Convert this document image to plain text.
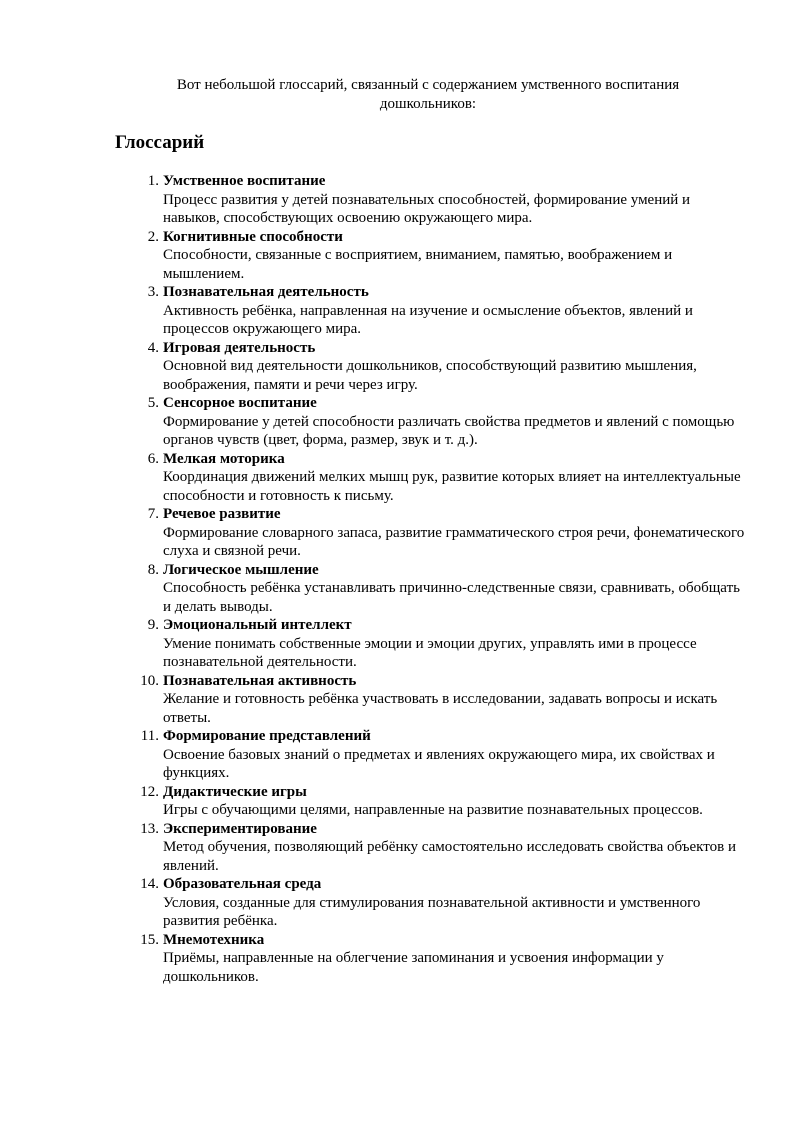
Вот небольшой глоссарий, связанный с содержанием умственного воспитания дошкольников:
Глоссарий
1. Умственное воспитание
Процесс развития у детей познавательных способностей, формирование умений и навыков, способствующих освоению окружающего мира.
2. Когнитивные способности
Способности, связанные с восприятием, вниманием, памятью, воображением и мышлением.
3. Познавательная деятельность
Активность ребёнка, направленная на изучение и осмысление объектов, явлений и процессов окружающего мира.
4. Игровая деятельность
Основной вид деятельности дошкольников, способствующий развитию мышления, воображения, памяти и речи через игру.
5. Сенсорное воспитание
Формирование у детей способности различать свойства предметов и явлений с помощью органов чувств (цвет, форма, размер, звук и т. д.).
6. Мелкая моторика
Координация движений мелких мышц рук, развитие которых влияет на интеллектуальные способности и готовность к письму.
7. Речевое развитие
Формирование словарного запаса, развитие грамматического строя речи, фонематического слуха и связной речи.
8. Логическое мышление
Способность ребёнка устанавливать причинно-следственные связи, сравнивать, обобщать и делать выводы.
9. Эмоциональный интеллект
Умение понимать собственные эмоции и эмоции других, управлять ими в процессе познавательной деятельности.
10. Познавательная активность
Желание и готовность ребёнка участвовать в исследовании, задавать вопросы и искать ответы.
11. Формирование представлений
Освоение базовых знаний о предметах и явлениях окружающего мира, их свойствах и функциях.
12. Дидактические игры
Игры с обучающими целями, направленные на развитие познавательных процессов.
13. Экспериментирование
Метод обучения, позволяющий ребёнку самостоятельно исследовать свойства объектов и явлений.
14. Образовательная среда
Условия, созданные для стимулирования познавательной активности и умственного развития ребёнка.
15. Мнемотехника
Приёмы, направленные на облегчение запоминания и усвоения информации у дошкольников.
